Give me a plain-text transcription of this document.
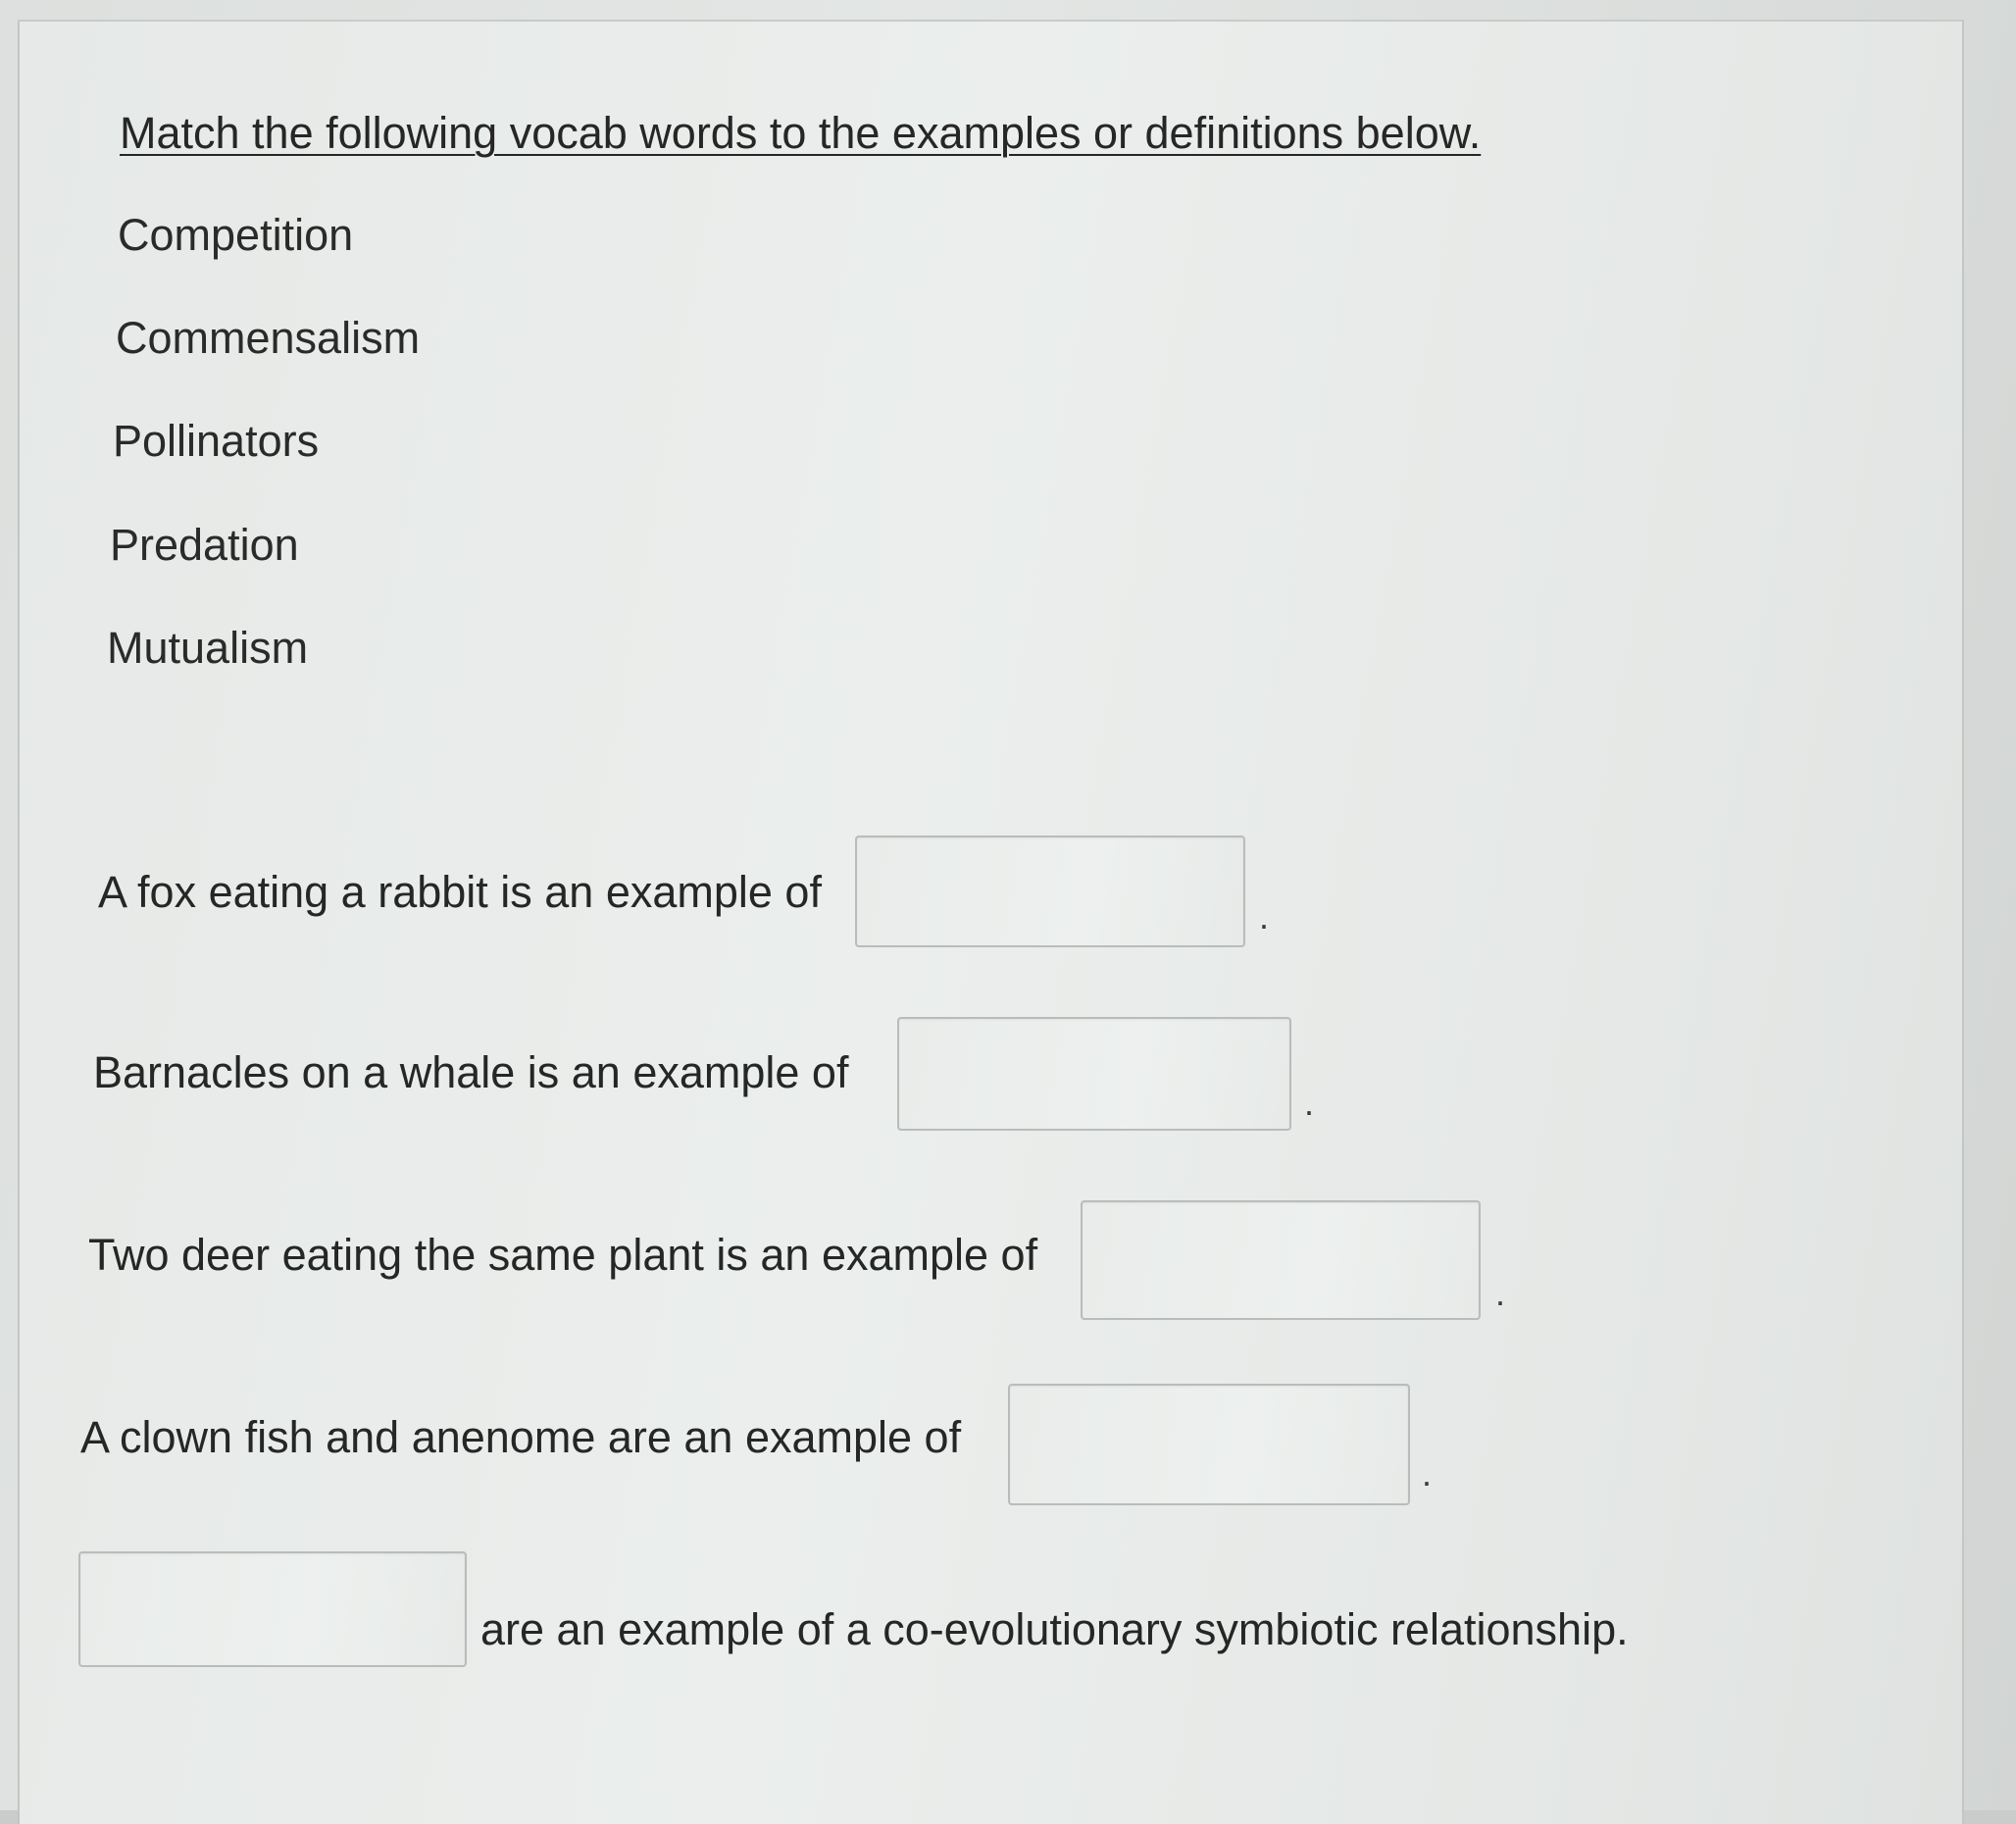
Match the following vocab words to the examples or definitions below.
Competition
Commensalism
Pollinators
Predation
Mutualism
A fox eating a rabbit is an example of	.
Barnacles on a whale is an example of
.
Two deer eating the same plant is an example of
.
A clown fish and anenome are an example of
.
are an example of a co-evolutionary symbiotic relationship.
